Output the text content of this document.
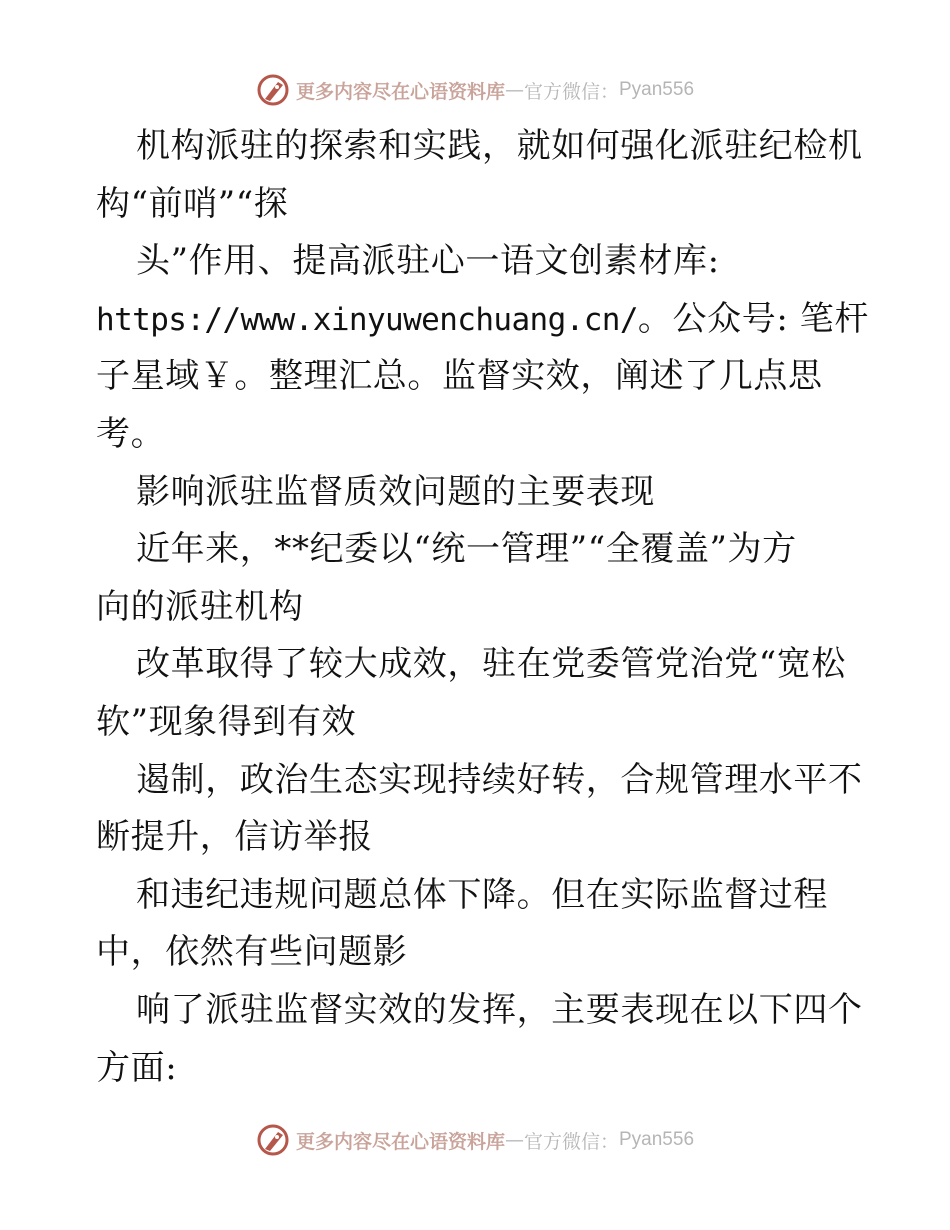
更多内容尽在心语资料库 — 官方微信： Pyan556
机构派驻的探索和实践，就如何强化派驻纪检机
构“前哨”“探
头”作用、提高派驻心一语文创素材库:
https://www.xinyuwenchuang.cn/。公众号: 笔杆
子星域￥。整理汇总。监督实效，阐述了几点思
考。
影响派驻监督质效问题的主要表现
近年来，**纪委以“统一管理”“全覆盖”为方
向的派驻机构
改革取得了较大成效，驻在党委管党治党“宽松
软”现象得到有效
遏制，政治生态实现持续好转，合规管理水平不
断提升，信访举报
和违纪违规问题总体下降。但在实际监督过程
中，依然有些问题影
响了派驻监督实效的发挥，主要表现在以下四个
方面:
更多内容尽在心语资料库 — 官方微信： Pyan556
